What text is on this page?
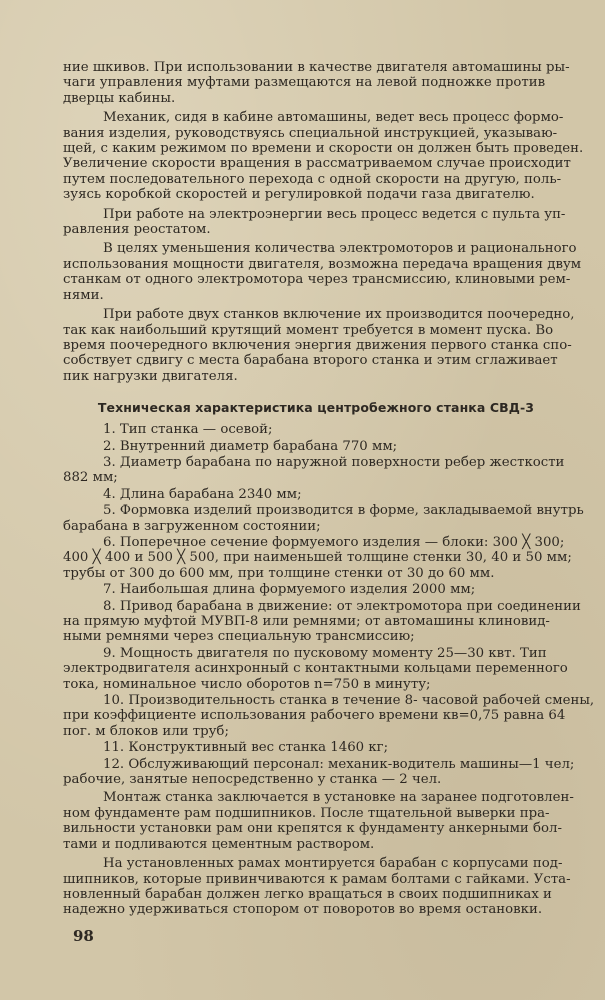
ние шкивов. При использовании в качестве двигателя автомашины ры-
чаги управления муфтами размещаются на левой подножке против
дверцы кабины.

Механик, сидя в кабине автомашины, ведет весь процесс формо-
вания изделия, руководствуясь специальной инструкцией, указываю-
щей, с каким режимом по времени и скорости он должен быть проведен.
Увеличение скорости вращения в рассматриваемом случае происходит
путем последовательного перехода с одной скорости на другую, поль-
зуясь коробкой скоростей и регулировкой подачи газа двигателю.

При работе на электроэнергии весь процесс ведется с пульта уп-
равления реостатом.

В целях уменьшения количества электромоторов и рационального
использования мощности двигателя, возможна передача вращения двум
станкам от одного электромотора через трансмиссию, клиновыми рем-
нями.

При работе двух станков включение их производится поочередно,
так как наибольший крутящий момент требуется в момент пуска. Во
время поочередного включения энергия движения первого станка спо-
собствует сдвигу с места барабана второго станка и этим сглаживает
пик нагрузки двигателя.

Техническая характеристика центробежного станка СВД-3

1. Тип станка — осевой;

2. Внутренний диаметр барабана 770 мм;

3. Диаметр барабана по наружной поверхности ребер жесткости
882 мм;

4. Длина барабана 2340 мм;

5. Формовка изделий производится в форме, закладываемой внутрь
барабана в загруженном состоянии;

6. Поперечное сечение формуемого изделия — блоки: 300 ╳ 300;
400 ╳ 400 и 500 ╳ 500, при наименьшей толщине стенки 30, 40 и 50 мм;
трубы от 300 до 600 мм, при толщине стенки от 30 до 60 мм.

7. Наибольшая длина формуемого изделия 2000 мм;

8. Привод барабана в движение: от электромотора при соединении
на прямую муфтой МУВП-8 или ремнями; от автомашины клиновид-
ными ремнями через специальную трансмиссию;

9. Мощность двигателя по пусковому моменту 25—30 квт. Тип
электродвигателя асинхронный с контактными кольцами переменного
тока, номинальное число оборотов n=750 в минуту;

10. Производительность станка в течение 8- часовой рабочей смены,
при коэффициенте использования рабочего времени кв=0,75 равна 64
пог. м блоков или труб;

11. Конструктивный вес станка 1460 кг;

12. Обслуживающий персонал: механик-водитель машины—1 чел;
рабочие, занятые непосредственно у станка — 2 чел.

Монтаж станка заключается в установке на заранее подготовлен-
ном фундаменте рам подшипников. После тщательной выверки пра-
вильности установки рам они крепятся к фундаменту анкерными бол-
тами и подливаются цементным раствором.

На установленных рамах монтируется барабан с корпусами под-
шипников, которые привинчиваются к рамам болтами с гайками. Уста-
новленный барабан должен легко вращаться в своих подшипниках и
надежно удерживаться стопором от поворотов во время остановки.

98
